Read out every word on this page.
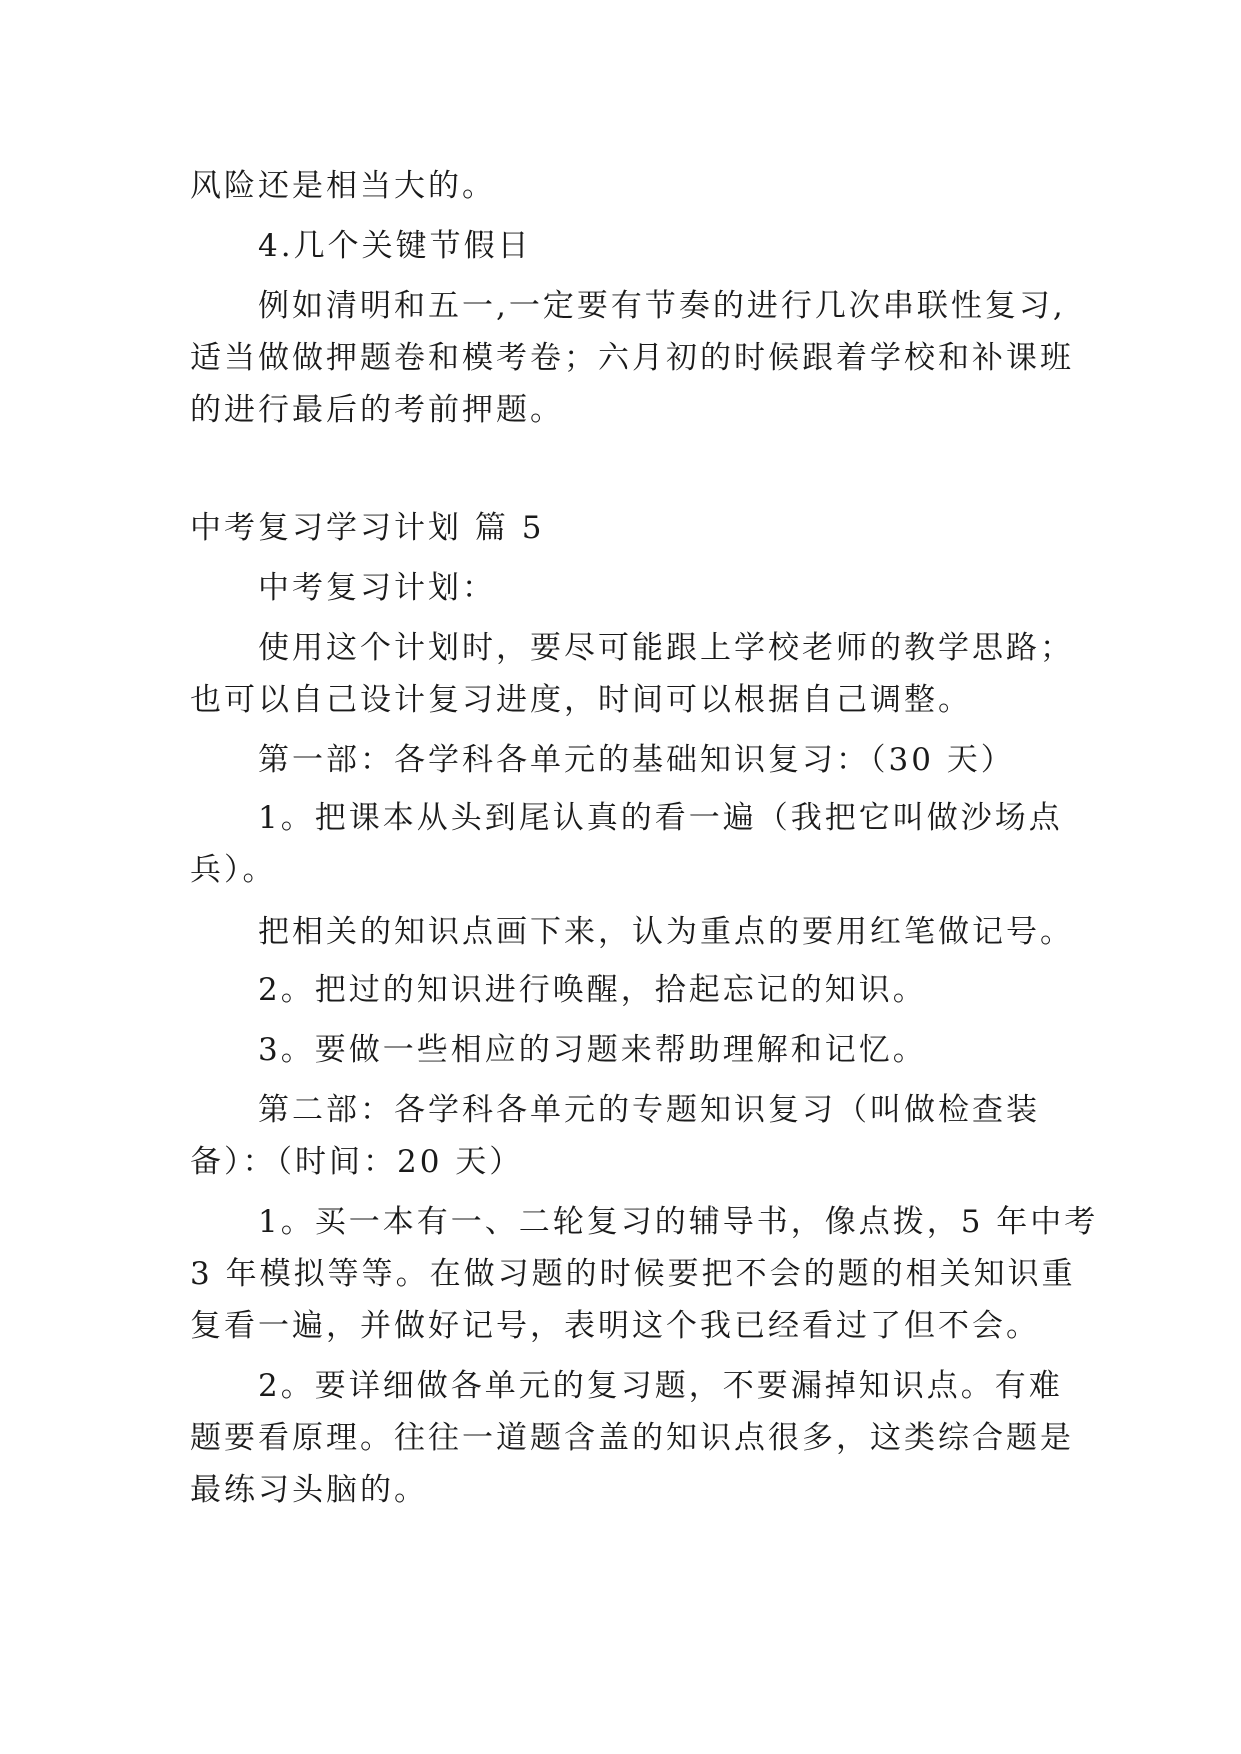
风险还是相当大的。
4.几个关键节假日
例如清明和五一,一定要有节奏的进行几次串联性复习,
适当做做押题卷和模考卷；六月初的时候跟着学校和补课班
的进行最后的考前押题。
中考复习学习计划 篇 5
中考复习计划：
使用这个计划时，要尽可能跟上学校老师的教学思路；
也可以自己设计复习进度，时间可以根据自己调整。
第一部：各学科各单元的基础知识复习：（30 天）
1。把课本从头到尾认真的看一遍（我把它叫做沙场点
兵）。
把相关的知识点画下来，认为重点的要用红笔做记号。
2。把过的知识进行唤醒，拾起忘记的知识。
3。要做一些相应的习题来帮助理解和记忆。
第二部：各学科各单元的专题知识复习（叫做检查装
备）：（时间：20 天）
1。买一本有一、二轮复习的辅导书，像点拨，5 年中考
3 年模拟等等。在做习题的时候要把不会的题的相关知识重
复看一遍，并做好记号，表明这个我已经看过了但不会。
2。要详细做各单元的复习题，不要漏掉知识点。有难
题要看原理。往往一道题含盖的知识点很多，这类综合题是
最练习头脑的。
